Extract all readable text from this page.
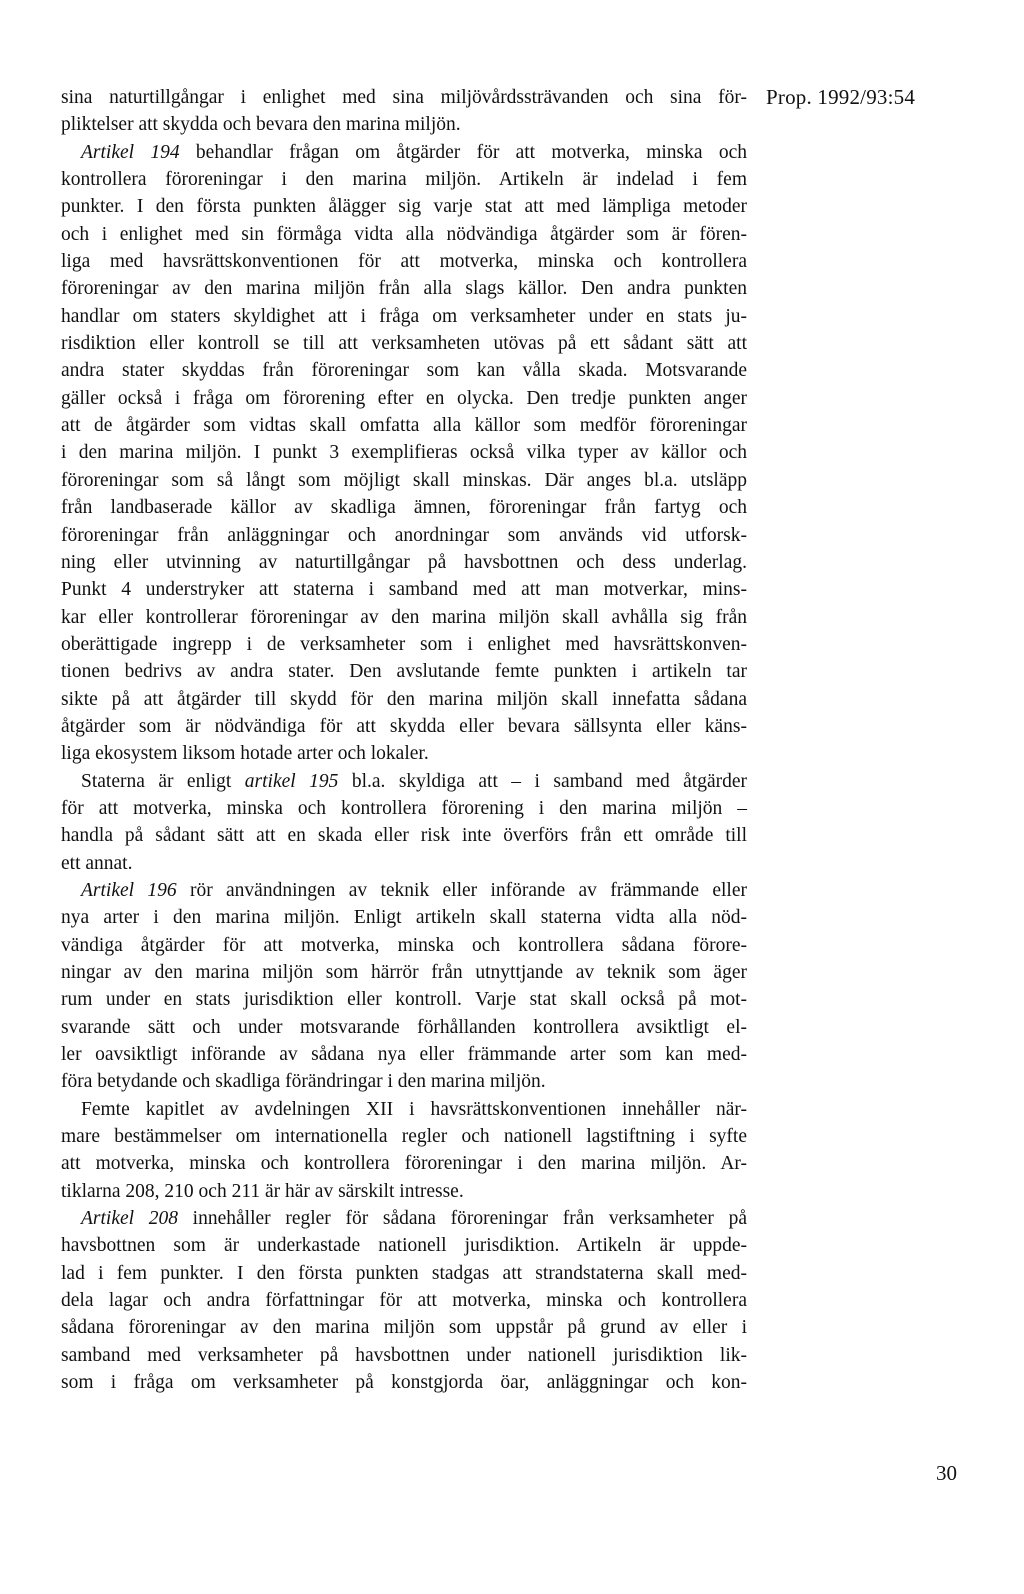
Prop. 1992/93:54
sina naturtillgångar i enlighet med sina miljövårdssträvanden och sina för-
pliktelser att skydda och bevara den marina miljön.
Artikel 194 behandlar frågan om åtgärder för att motverka, minska och
kontrollera föroreningar i den marina miljön. Artikeln är indelad i fem
punkter. I den första punkten ålägger sig varje stat att med lämpliga metoder
och i enlighet med sin förmåga vidta alla nödvändiga åtgärder som är fören-
liga med havsrättskonventionen för att motverka, minska och kontrollera
föroreningar av den marina miljön från alla slags källor. Den andra punkten
handlar om staters skyldighet att i fråga om verksamheter under en stats ju-
risdiktion eller kontroll se till att verksamheten utövas på ett sådant sätt att
andra stater skyddas från föroreningar som kan vålla skada. Motsvarande
gäller också i fråga om förorening efter en olycka. Den tredje punkten anger
att de åtgärder som vidtas skall omfatta alla källor som medför föroreningar
i den marina miljön. I punkt 3 exemplifieras också vilka typer av källor och
föroreningar som så långt som möjligt skall minskas. Där anges bl.a. utsläpp
från landbaserade källor av skadliga ämnen, föroreningar från fartyg och
föroreningar från anläggningar och anordningar som används vid utforsk-
ning eller utvinning av naturtillgångar på havsbottnen och dess underlag.
Punkt 4 understryker att staterna i samband med att man motverkar, mins-
kar eller kontrollerar föroreningar av den marina miljön skall avhålla sig från
oberättigade ingrepp i de verksamheter som i enlighet med havsrättskonven-
tionen bedrivs av andra stater. Den avslutande femte punkten i artikeln tar
sikte på att åtgärder till skydd för den marina miljön skall innefatta sådana
åtgärder som är nödvändiga för att skydda eller bevara sällsynta eller käns-
liga ekosystem liksom hotade arter och lokaler.
Staterna är enligt artikel 195 bl.a. skyldiga att – i samband med åtgärder
för att motverka, minska och kontrollera förorening i den marina miljön –
handla på sådant sätt att en skada eller risk inte överförs från ett område till
ett annat.
Artikel 196 rör användningen av teknik eller införande av främmande eller
nya arter i den marina miljön. Enligt artikeln skall staterna vidta alla nöd-
vändiga åtgärder för att motverka, minska och kontrollera sådana förore-
ningar av den marina miljön som härrör från utnyttjande av teknik som äger
rum under en stats jurisdiktion eller kontroll. Varje stat skall också på mot-
svarande sätt och under motsvarande förhållanden kontrollera avsiktligt el-
ler oavsiktligt införande av sådana nya eller främmande arter som kan med-
föra betydande och skadliga förändringar i den marina miljön.
Femte kapitlet av avdelningen XII i havsrättskonventionen innehåller när-
mare bestämmelser om internationella regler och nationell lagstiftning i syfte
att motverka, minska och kontrollera föroreningar i den marina miljön. Ar-
tiklarna 208, 210 och 211 är här av särskilt intresse.
Artikel 208 innehåller regler för sådana föroreningar från verksamheter på
havsbottnen som är underkastade nationell jurisdiktion. Artikeln är uppde-
lad i fem punkter. I den första punkten stadgas att strandstaterna skall med-
dela lagar och andra författningar för att motverka, minska och kontrollera
sådana föroreningar av den marina miljön som uppstår på grund av eller i
samband med verksamheter på havsbottnen under nationell jurisdiktion lik-
som i fråga om verksamheter på konstgjorda öar, anläggningar och kon-
30
